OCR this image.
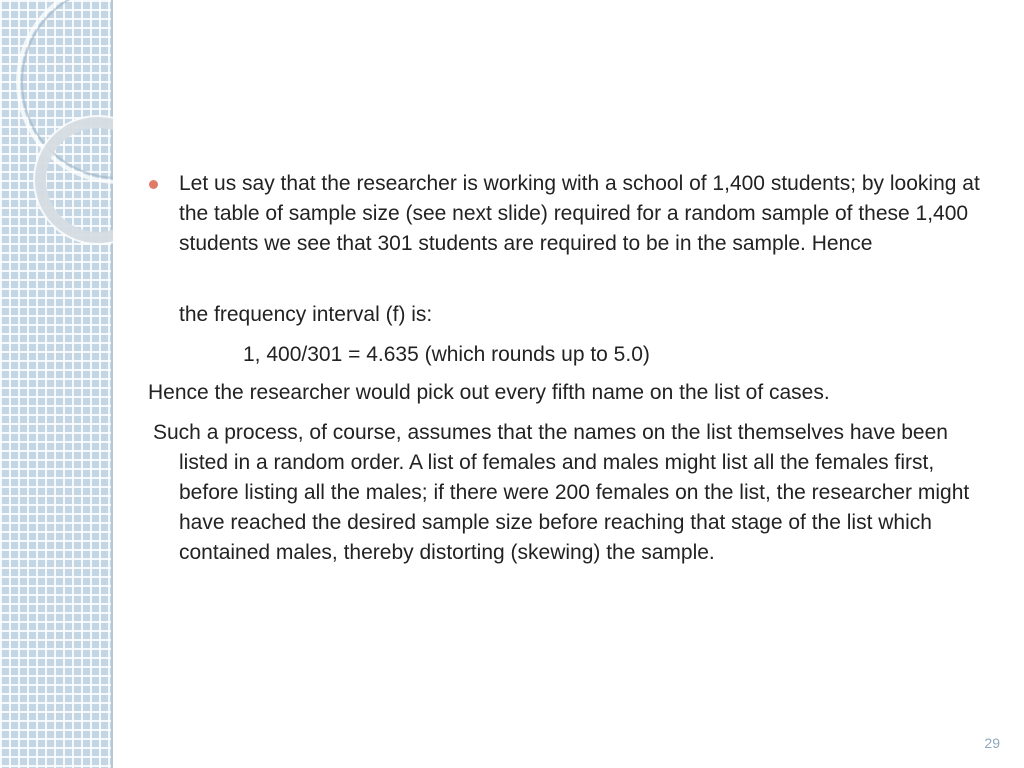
Let us say that the researcher is working with a school of 1,400 students; by looking at the table of sample size (see next slide) required for a random sample of these 1,400 students we see that 301 students are required to be in the sample. Hence

the frequency interval (f) is:

1, 400/301 = 4.635 (which rounds up to 5.0)

Hence the researcher would pick out every fifth name on the list of cases.

Such a process, of course, assumes that the names on the list themselves have been listed in a random order. A list of females and males might list all the females first, before listing all the males; if there were 200 females on the list, the researcher might have reached the desired sample size before reaching that stage of the list which contained males, thereby distorting (skewing) the sample.

29
